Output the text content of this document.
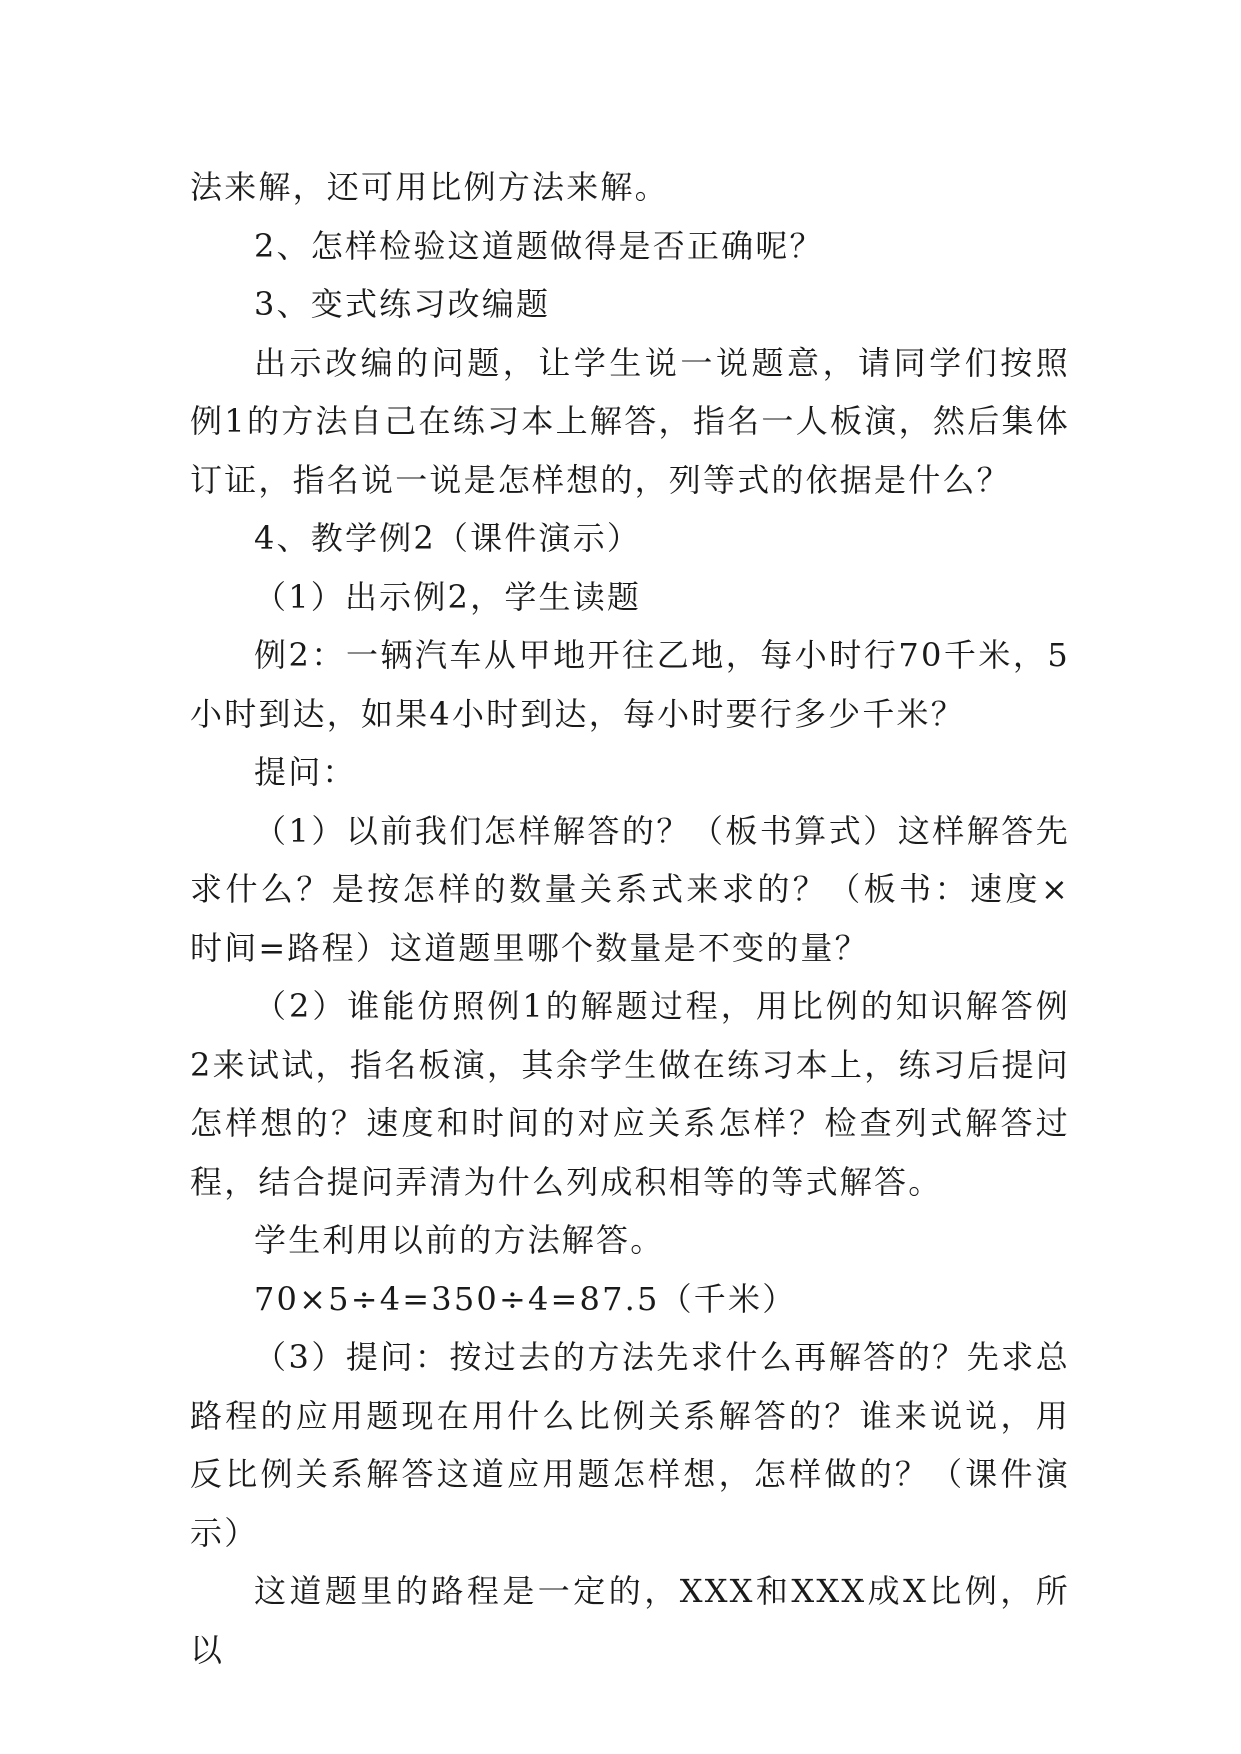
法来解，还可用比例方法来解。

2、怎样检验这道题做得是否正确呢？

3、变式练习改编题

出示改编的问题，让学生说一说题意，请同学们按照例1的方法自己在练习本上解答，指名一人板演，然后集体订证，指名说一说是怎样想的，列等式的依据是什么？

4、教学例2（课件演示）

（1）出示例2，学生读题

例2：一辆汽车从甲地开往乙地，每小时行70千米，5小时到达，如果4小时到达，每小时要行多少千米？

提问：

（1）以前我们怎样解答的？（板书算式）这样解答先求什么？是按怎样的数量关系式来求的？（板书：速度×时间=路程）这道题里哪个数量是不变的量？

（2）谁能仿照例1的解题过程，用比例的知识解答例2来试试，指名板演，其余学生做在练习本上，练习后提问怎样想的？速度和时间的对应关系怎样？检查列式解答过程，结合提问弄清为什么列成积相等的等式解答。

学生利用以前的方法解答。

70×5÷4=350÷4=87.5（千米）

（3）提问：按过去的方法先求什么再解答的？先求总路程的应用题现在用什么比例关系解答的？谁来说说，用反比例关系解答这道应用题怎样想，怎样做的？（课件演示）

这道题里的路程是一定的，XXX和XXX成X比例，所以
